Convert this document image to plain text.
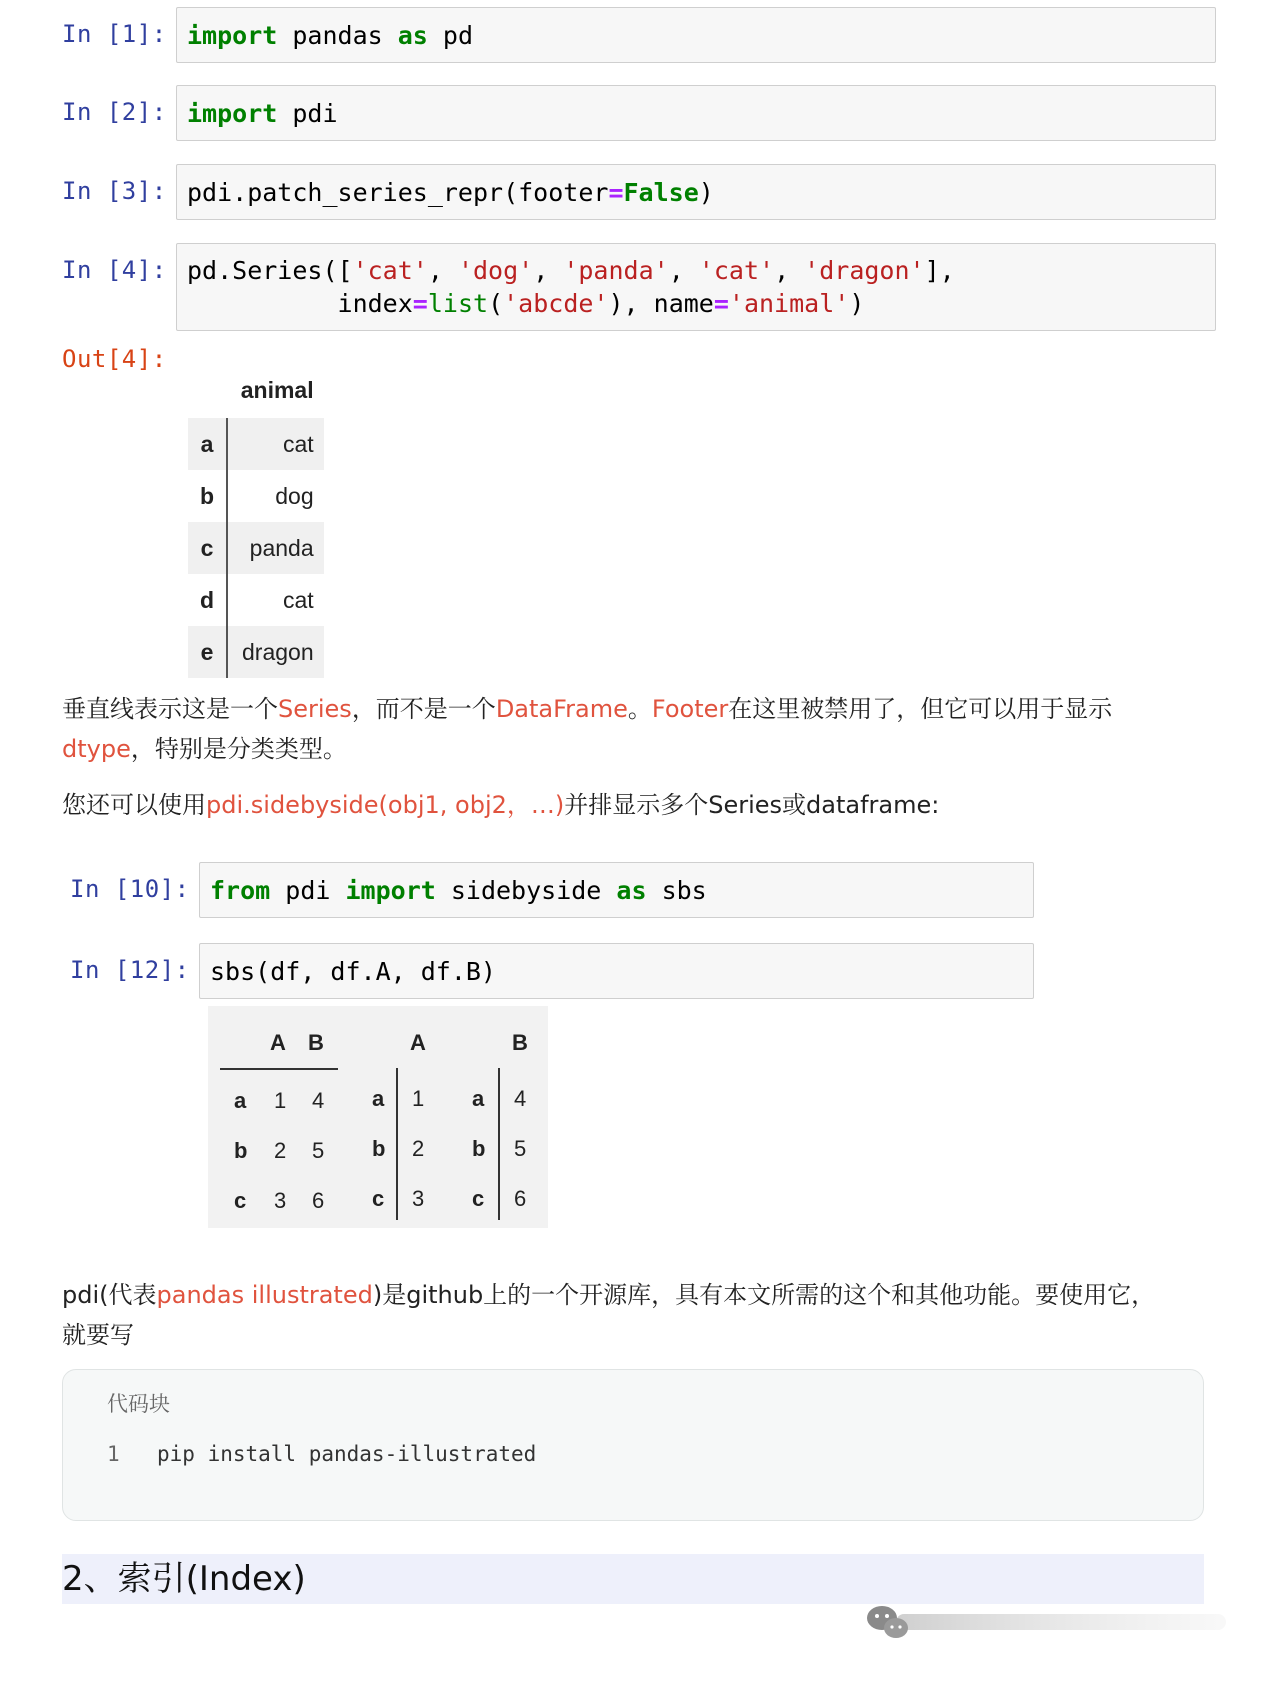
In [1]: import pandas as pd
In [2]: import pdi
In [3]: pdi.patch_series_repr(footer=False)
In [4]: pd.Series(['cat', 'dog', 'panda', 'cat', 'dragon'],
index=list('abcde'), name='animal')
Out[4]:
	animal
a	cat
b	dog
c	panda
d	cat
e	dragon
垂直线表示这是一个Series，而不是一个DataFrame。Footer在这里被禁用了，但它可以用于显示
dtype，特别是分类类型。
您还可以使用pdi.sidebyside(obj1, obj2，…)并排显示多个Series或dataframe:
In [10]: from pdi import sidebyside as sbs
In [12]: sbs(df, df.A, df.B)
A B
a 1 4
b 2 5
c 3 6
A
a 1
b 2
c 3
B
a 4
b 5
c 6
pdi(代表pandas illustrated)是github上的一个开源库，具有本文所需的这个和其他功能。要使用它，
就要写
代码块
1 pip install pandas-illustrated
2、索引(Index)
